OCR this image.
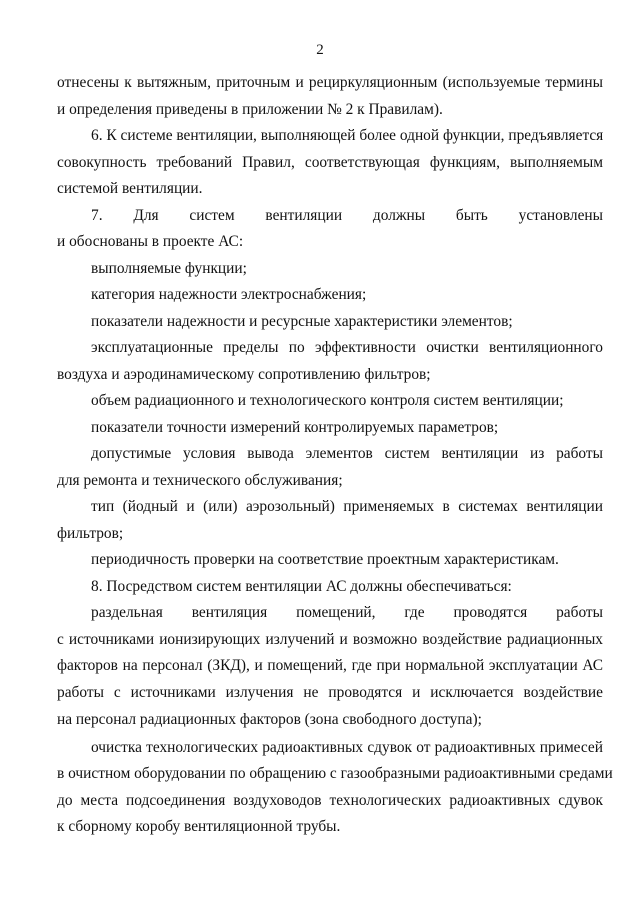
2
отнесены к вытяжным, приточным и рециркуляционным (используемые термины
и определения приведены в приложении № 2 к Правилам).
6. К системе вентиляции, выполняющей более одной функции, предъявляется
совокупность требований Правил, соответствующая функциям, выполняемым
системой вентиляции.
7. Для систем вентиляции должны быть установлены
и обоснованы в проекте АС:
выполняемые функции;
категория надежности электроснабжения;
показатели надежности и ресурсные характеристики элементов;
эксплуатационные пределы по эффективности очистки вентиляционного
воздуха и аэродинамическому сопротивлению фильтров;
объем радиационного и технологического контроля систем вентиляции;
показатели точности измерений контролируемых параметров;
допустимые условия вывода элементов систем вентиляции из работы
для ремонта и технического обслуживания;
тип (йодный и (или) аэрозольный) применяемых в системах вентиляции
фильтров;
периодичность проверки на соответствие проектным характеристикам.
8. Посредством систем вентиляции АС должны обеспечиваться:
раздельная вентиляция помещений, где проводятся работы
с источниками ионизирующих излучений и возможно воздействие радиационных
факторов на персонал (ЗКД), и помещений, где при нормальной эксплуатации АС
работы с источниками излучения не проводятся и исключается воздействие
на персонал радиационных факторов (зона свободного доступа);
очистка технологических радиоактивных сдувок от радиоактивных примесей
в очистном оборудовании по обращению с газообразными радиоактивными средами
до места подсоединения воздуховодов технологических радиоактивных сдувок
к сборному коробу вентиляционной трубы.
